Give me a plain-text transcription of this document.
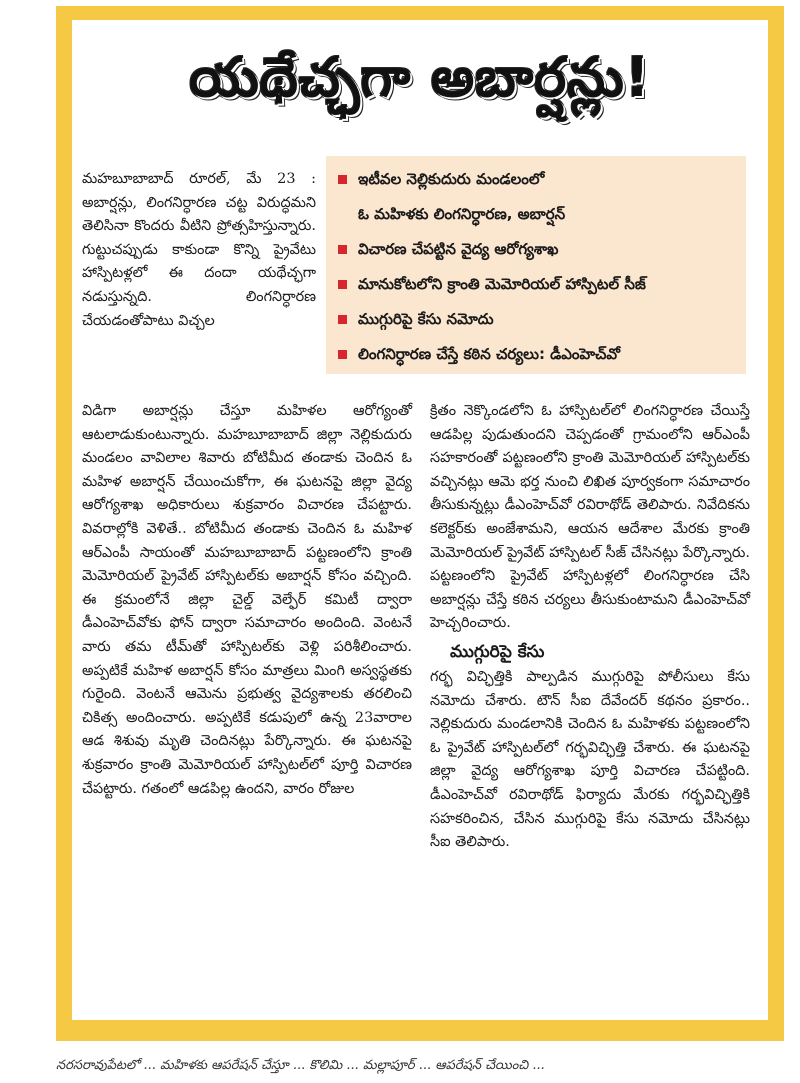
యథేచ్ఛగా అబార్షన్లు!
ఇటీవల నెల్లికుదురు మండలంలో
ఓ మహిళకు లింగనిర్ధారణ, అబార్షన్
విచారణ చేపట్టిన వైద్య ఆరోగ్యశాఖ
మానుకోటలోని క్రాంతి మెమోరియల్ హాస్పిటల్ సీజ్
ముగ్గురిపై కేసు నమోదు
లింగనిర్ధారణ చేస్తే కఠిన చర్యలు: డీఎంహెచ్‌వో

మహబూబాబాద్ రూరల్, మే 23 : అబార్షన్లు, లింగనిర్ధారణ చట్ట విరుద్ధమని తెలిసినా కొందరు వీటిని ప్రోత్సహిస్తున్నారు. గుట్టుచప్పుడు కాకుండా కొన్ని ప్రైవేటు హాస్పిటళ్లలో ఈ దందా యథేచ్ఛగా నడుస్తున్నది. లింగనిర్ధారణ చేయడంతోపాటు విచ్చల

విడిగా అబార్షన్లు చేస్తూ మహిళల ఆరోగ్యంతో ఆటలాడుకుంటున్నారు. మహబూబాబాద్ జిల్లా నెల్లికుదురు మండలం వావిలాల శివారు బోటిమీద తండాకు చెందిన ఓ మహిళ అబార్షన్ చేయించుకోగా, ఈ ఘటనపై జిల్లా వైద్య ఆరోగ్యశాఖ అధికారులు శుక్రవారం విచారణ చేపట్టారు. వివరాల్లోకి వెళితే.. బోటిమీద తండాకు చెందిన ఓ మహిళ ఆర్ఎంపీ సాయంతో మహబూబాబాద్ పట్టణంలోని క్రాంతి మెమోరియల్ ప్రైవేట్ హాస్పిటల్‌కు అబార్షన్ కోసం వచ్చింది. ఈ క్రమంలోనే జిల్లా చైల్డ్ వెల్ఫేర్ కమిటీ ద్వారా డీఎంహెచ్‌వోకు ఫోన్ ద్వారా సమాచారం అందింది. వెంటనే వారు తమ టీమ్‌తో హాస్పిటల్‌కు వెళ్లి పరిశీలించారు. అప్పటికే మహిళ అబార్షన్ కోసం మాత్రలు మింగి అస్వస్థతకు గురైంది. వెంటనే ఆమెను ప్రభుత్వ వైద్యశాలకు తరలించి చికిత్స అందించారు. అప్పటికే కడుపులో ఉన్న 23వారాల ఆడ శిశువు మృతి చెందినట్లు పేర్కొన్నారు. ఈ ఘటనపై శుక్రవారం క్రాంతి మెమోరియల్ హాస్పిటల్‌లో పూర్తి విచారణ చేపట్టారు. గతంలో ఆడపిల్ల ఉందని, వారం రోజుల

క్రితం నెక్కొండలోని ఓ హాస్పిటల్‌లో లింగనిర్ధారణ చేయిస్తే ఆడపిల్ల పుడుతుందని చెప్పడంతో గ్రామంలోని ఆర్ఎంపీ సహకారంతో పట్టణంలోని క్రాంతి మెమోరియల్ హాస్పిటల్‌కు వచ్చినట్లు ఆమె భర్త నుంచి లిఖిత పూర్వకంగా సమాచారం తీసుకున్నట్లు డీఎంహెచ్‌వో రవిరాథోడ్ తెలిపారు. నివేదికను కలెక్టర్‌కు అంజేశామని, ఆయన ఆదేశాల మేరకు క్రాంతి మెమోరియల్ ప్రైవేట్ హాస్పిటల్ సీజ్ చేసినట్లు పేర్కొన్నారు. పట్టణంలోని ప్రైవేట్ హాస్పిటళ్లలో లింగనిర్ధారణ చేసి అబార్షన్లు చేస్తే కఠిన చర్యలు తీసుకుంటామని డీఎంహెచ్‌వో హెచ్చరించారు.

ముగ్గురిపై కేసు

గర్భ విచ్ఛిత్తికి పాల్పడిన ముగ్గురిపై పోలీసులు కేసు నమోదు చేశారు. టౌన్ సీఐ దేవేందర్ కథనం ప్రకారం.. నెల్లికుదురు మండలానికి చెందిన ఓ మహిళకు పట్టణంలోని ఓ ప్రైవేట్ హాస్పిటల్‌లో గర్భవిచ్ఛిత్తి చేశారు. ఈ ఘటనపై జిల్లా వైద్య ఆరోగ్యశాఖ పూర్తి విచారణ చేపట్టింది. డీఎంహెచ్‌వో రవిరాథోడ్ ఫిర్యాదు మేరకు గర్భవిచ్ఛిత్తికి సహకరించిన, చేసిన ముగ్గురిపై కేసు నమోదు చేసినట్లు సీఐ తెలిపారు.

నరసరావుపేటలో ... మహిళకు ఆపరేషన్ చేస్తూ ... కొలిమి ... మల్లాపూర్ ... ఆపరేషన్ చేయించి ...
